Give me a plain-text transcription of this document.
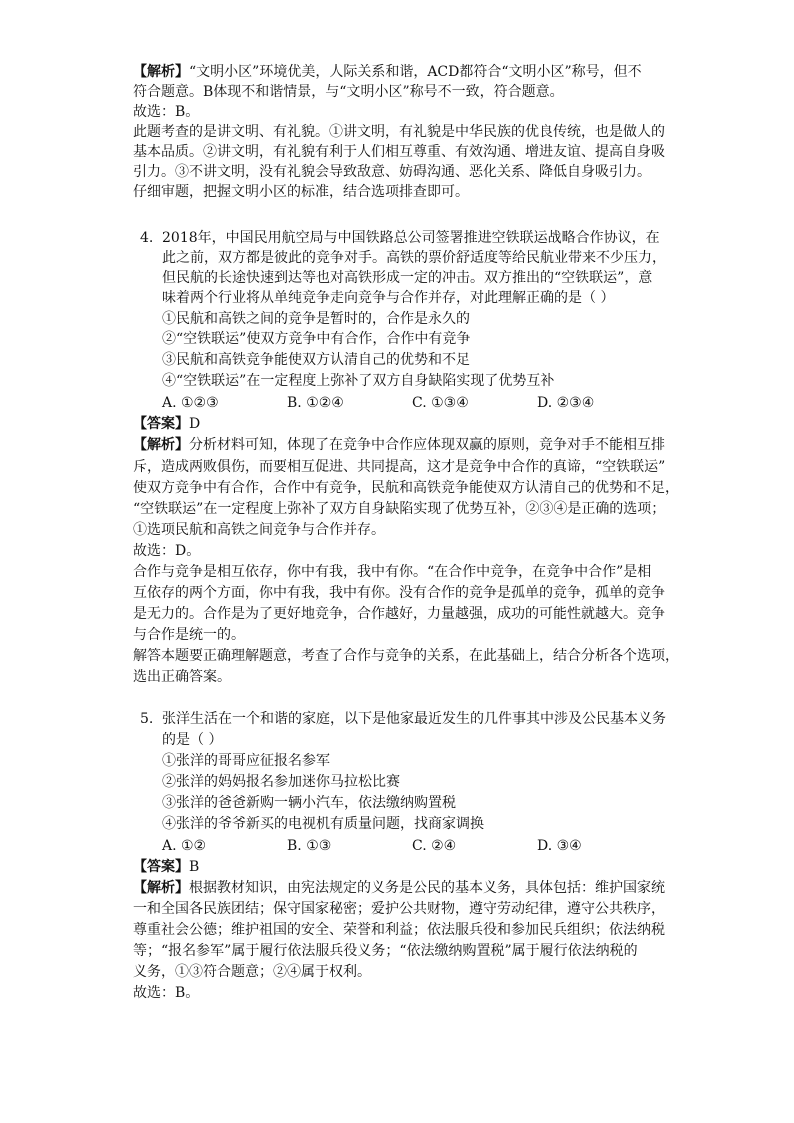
【解析】“文明小区”环境优美，人际关系和谐，ACD都符合“文明小区”称号，但不
符合题意。B体现不和谐情景，与“文明小区”称号不一致，符合题意。
故选：B。
此题考查的是讲文明、有礼貌。①讲文明，有礼貌是中华民族的优良传统，也是做人的
基本品质。②讲文明，有礼貌有利于人们相互尊重、有效沟通、增进友谊、提高自身吸
引力。③不讲文明，没有礼貌会导致敌意、妨碍沟通、恶化关系、降低自身吸引力。
仔细审题，把握文明小区的标准，结合选项排查即可。
4. 2018年，中国民用航空局与中国铁路总公司签署推进空铁联运战略合作协议，在
此之前，双方都是彼此的竞争对手。高铁的票价舒适度等给民航业带来不少压力，
但民航的长途快速到达等也对高铁形成一定的冲击。双方推出的“空铁联运”，意
味着两个行业将从单纯竞争走向竞争与合作并存，对此理解正确的是（ ）
①民航和高铁之间的竞争是暂时的，合作是永久的
②“空铁联运”使双方竞争中有合作，合作中有竞争
③民航和高铁竞争能使双方认清自己的优势和不足
④“空铁联运”在一定程度上弥补了双方自身缺陷实现了优势互补
A. ①②③	B. ①②④	C. ①③④	D. ②③④
【答案】D
【解析】分析材料可知，体现了在竞争中合作应体现双赢的原则，竞争对手不能相互排
斥，造成两败俱伤，而要相互促进、共同提高，这才是竞争中合作的真谛，“空铁联运”
使双方竞争中有合作，合作中有竞争，民航和高铁竞争能使双方认清自己的优势和不足，
“空铁联运”在一定程度上弥补了双方自身缺陷实现了优势互补，②③④是正确的选项；
①选项民航和高铁之间竞争与合作并存。
故选：D。
合作与竞争是相互依存，你中有我，我中有你。“在合作中竞争，在竞争中合作”是相
互依存的两个方面，你中有我，我中有你。没有合作的竞争是孤单的竞争，孤单的竞争
是无力的。合作是为了更好地竞争，合作越好，力量越强，成功的可能性就越大。竞争
与合作是统一的。
解答本题要正确理解题意，考查了合作与竞争的关系，在此基础上，结合分析各个选项，
选出正确答案。
5. 张洋生活在一个和谐的家庭，以下是他家最近发生的几件事其中涉及公民基本义务
的是（ ）
①张洋的哥哥应征报名参军
②张洋的妈妈报名参加迷你马拉松比赛
③张洋的爸爸新购一辆小汽车，依法缴纳购置税
④张洋的爷爷新买的电视机有质量问题，找商家调换
A. ①②	B. ①③	C. ②④	D. ③④
【答案】B
【解析】根据教材知识，由宪法规定的义务是公民的基本义务，具体包括：维护国家统
一和全国各民族团结；保守国家秘密；爱护公共财物，遵守劳动纪律，遵守公共秩序，
尊重社会公德；维护祖国的安全、荣誉和利益；依法服兵役和参加民兵组织；依法纳税
等；“报名参军”属于履行依法服兵役义务；“依法缴纳购置税”属于履行依法纳税的
义务，①③符合题意；②④属于权利。
故选：B。
